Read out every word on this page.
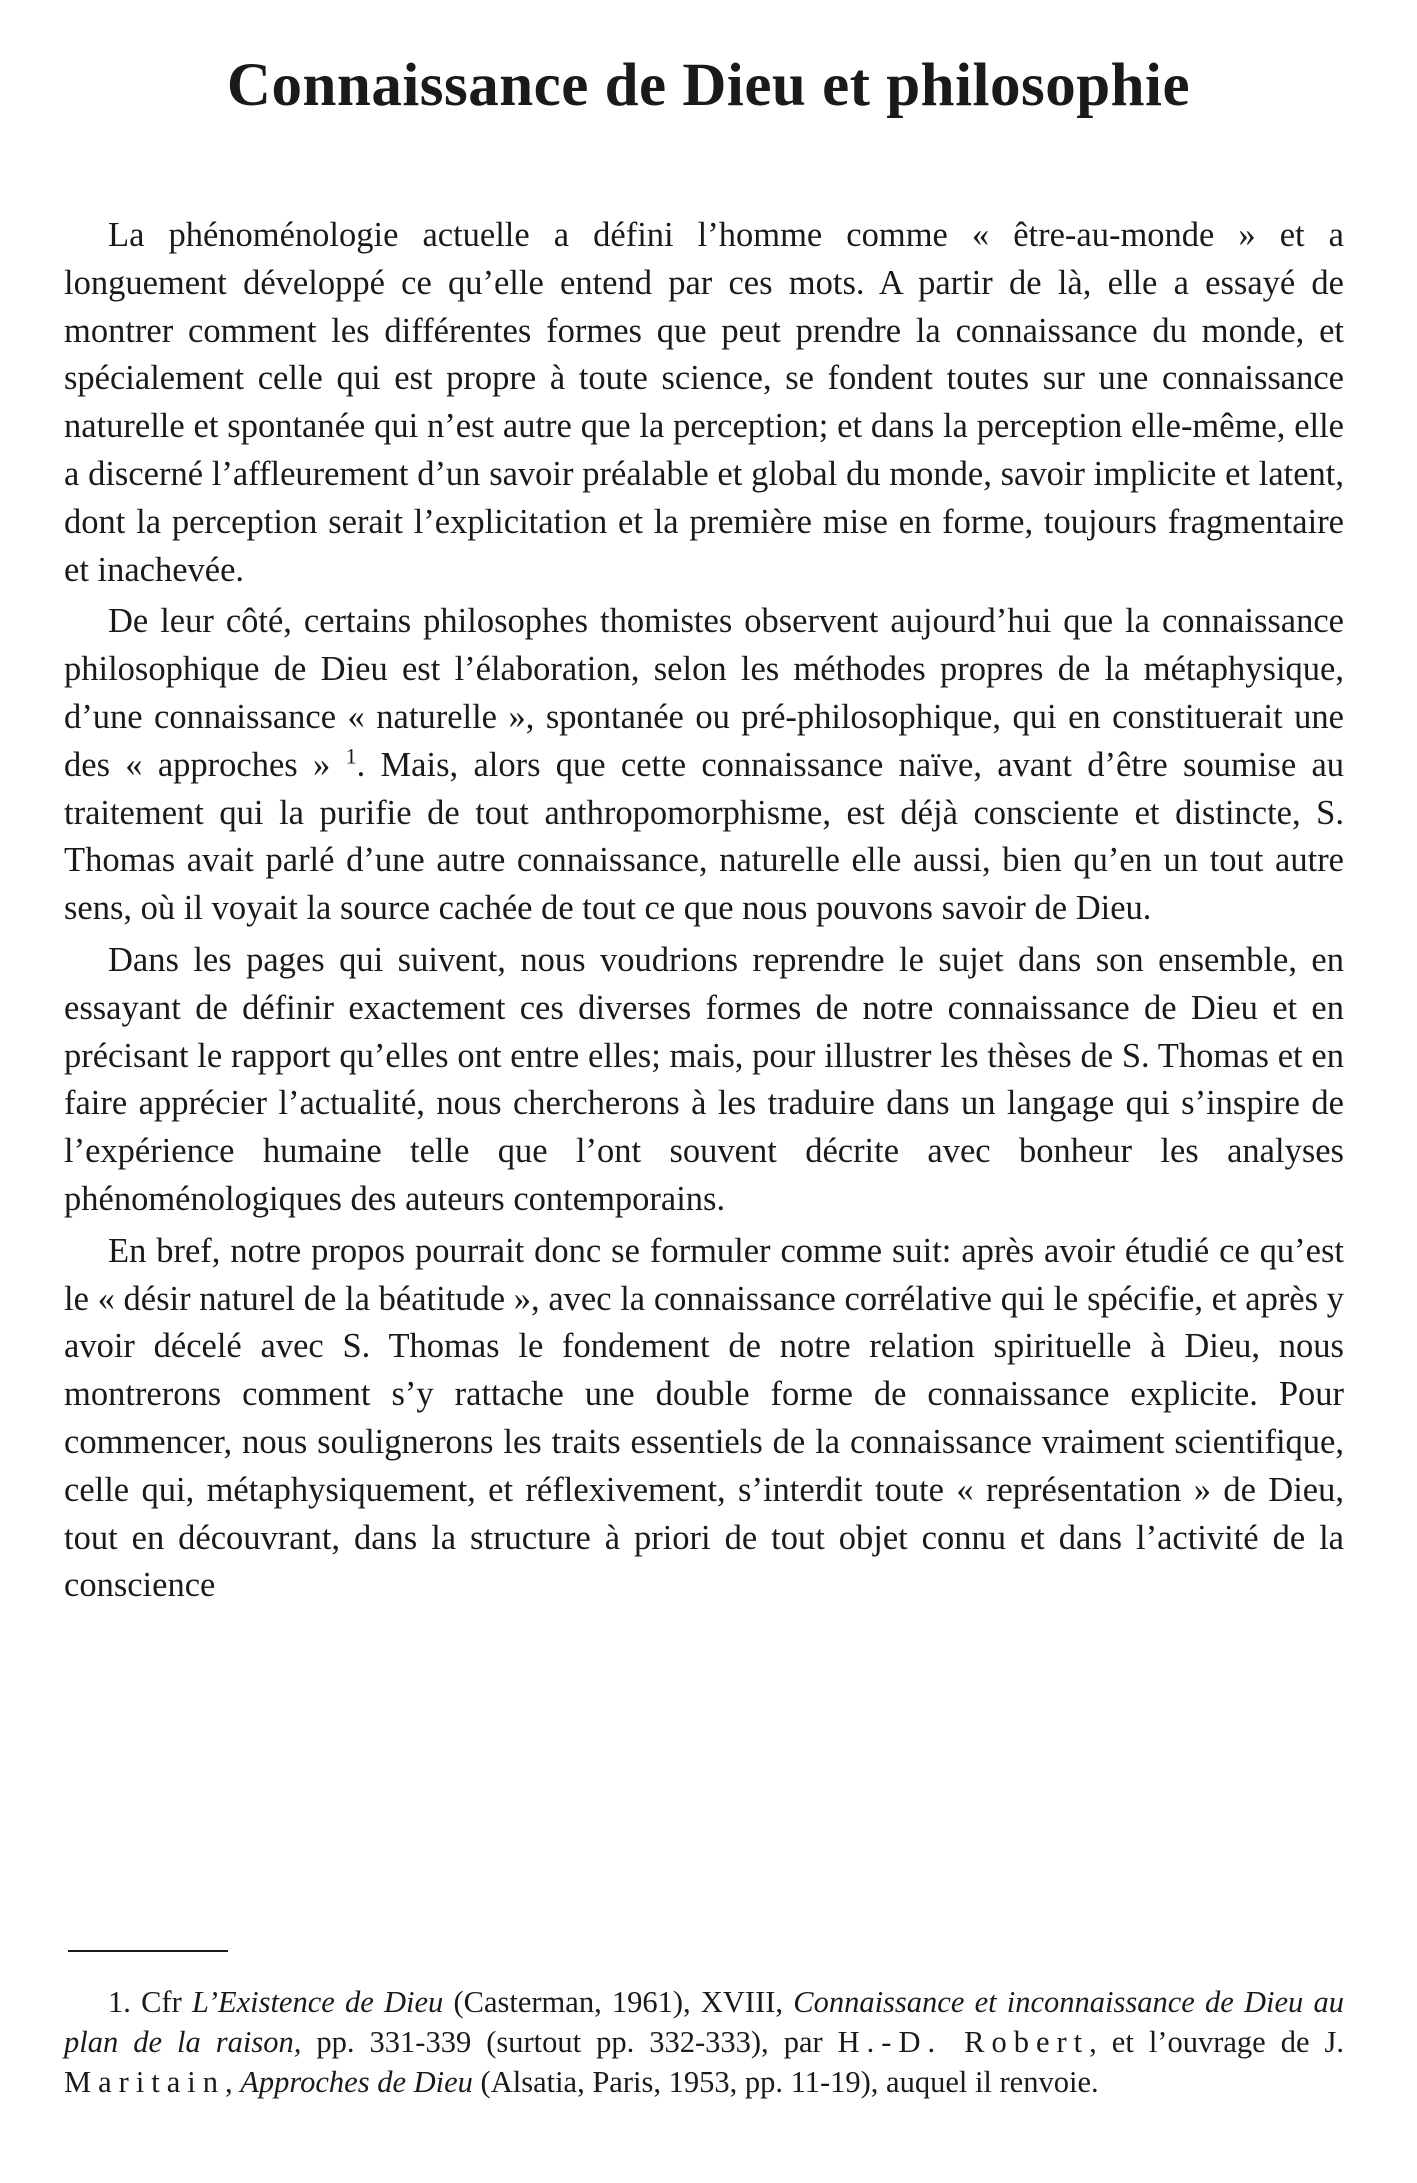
Connaissance de Dieu et philosophie

La phénoménologie actuelle a défini l’homme comme « être-au-monde » et a longuement développé ce qu’elle entend par ces mots. A partir de là, elle a essayé de montrer comment les différentes formes que peut prendre la connaissance du monde, et spécialement celle qui est propre à toute science, se fondent toutes sur une connaissance naturelle et spontanée qui n’est autre que la perception; et dans la perception elle-même, elle a discerné l’affleurement d’un savoir préalable et global du monde, savoir implicite et latent, dont la perception serait l’explicitation et la première mise en forme, toujours fragmentaire et inachevée.

De leur côté, certains philosophes thomistes observent aujourd’hui que la connaissance philosophique de Dieu est l’élaboration, selon les méthodes propres de la métaphysique, d’une connaissance « naturelle », spontanée ou pré-philosophique, qui en constituerait une des « approches » $^1$. Mais, alors que cette connaissance naïve, avant d’être soumise au traitement qui la purifie de tout anthropomorphisme, est déjà consciente et distincte, S. Thomas avait parlé d’une autre connaissance, naturelle elle aussi, bien qu’en un tout autre sens, où il voyait la source cachée de tout ce que nous pouvons savoir de Dieu.

Dans les pages qui suivent, nous voudrions reprendre le sujet dans son ensemble, en essayant de définir exactement ces diverses formes de notre connaissance de Dieu et en précisant le rapport qu’elles ont entre elles; mais, pour illustrer les thèses de S. Thomas et en faire apprécier l’actualité, nous chercherons à les traduire dans un langage qui s’inspire de l’expérience humaine telle que l’ont souvent décrite avec bonheur les analyses phénoménologiques des auteurs contemporains.

En bref, notre propos pourrait donc se formuler comme suit: après avoir étudié ce qu’est le « désir naturel de la béatitude », avec la connaissance corrélative qui le spécifie, et après y avoir décelé avec S. Thomas le fondement de notre relation spirituelle à Dieu, nous montrerons comment s’y rattache une double forme de connaissance explicite. Pour commencer, nous soulignerons les traits essentiels de la connaissance vraiment scientifique, celle qui, métaphysiquement, et réflexivement, s’interdit toute « représentation » de Dieu, tout en découvrant, dans la structure à priori de tout objet connu et dans l’activité de la conscience

1. Cfr L’Existence de Dieu (Casterman, 1961), XVIII, Connaissance et inconnaissance de Dieu au plan de la raison, pp. 331-339 (surtout pp. 332-333), par H.-D. Robert, et l’ouvrage de J. Maritain, Approches de Dieu (Alsatia, Paris, 1953, pp. 11-19), auquel il renvoie.
